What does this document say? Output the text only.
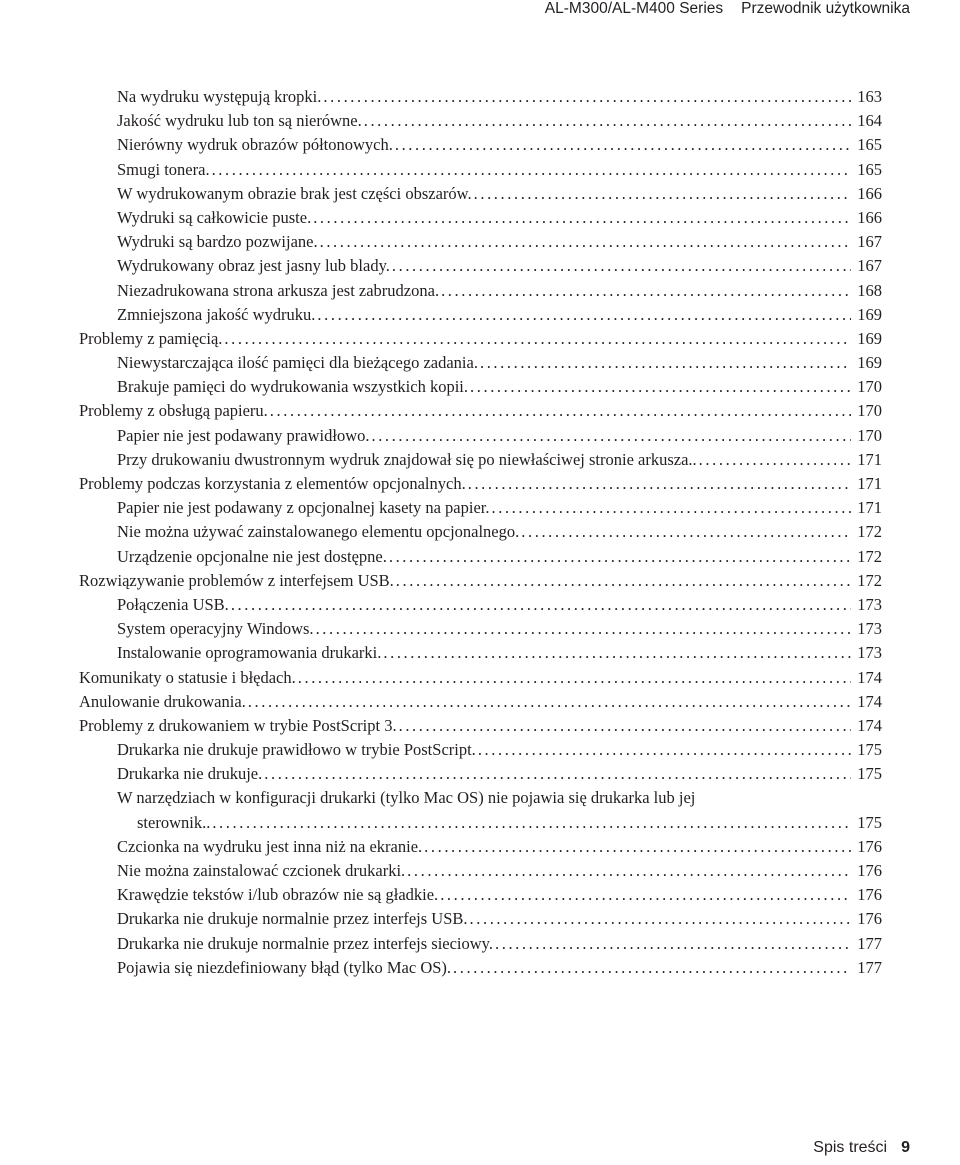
AL-M300/AL-M400 Series Przewodnik użytkownika
Na wydruku występują kropki. .....	163
Jakość wydruku lub ton są nierówne. .....	164
Nierówny wydruk obrazów półtonowych. .....	165
Smugi tonera. .....	165
W wydrukowanym obrazie brak jest części obszarów. .....	166
Wydruki są całkowicie puste. .....	166
Wydruki są bardzo pozwijane. .....	167
Wydrukowany obraz jest jasny lub blady. .....	167
Niezadrukowana strona arkusza jest zabrudzona. .....	168
Zmniejszona jakość wydruku. .....	169
Problemy z pamięcią. .....	169
Niewystarczająca ilość pamięci dla bieżącego zadania. .....	169
Brakuje pamięci do wydrukowania wszystkich kopii. .....	170
Problemy z obsługą papieru. .....	170
Papier nie jest podawany prawidłowo. .....	170
Przy drukowaniu dwustronnym wydruk znajdował się po niewłaściwej stronie arkusza.. .....	171
Problemy podczas korzystania z elementów opcjonalnych. .....	171
Papier nie jest podawany z opcjonalnej kasety na papier. .....	171
Nie można używać zainstalowanego elementu opcjonalnego. .....	172
Urządzenie opcjonalne nie jest dostępne. .....	172
Rozwiązywanie problemów z interfejsem USB. .....	172
Połączenia USB. .....	173
System operacyjny Windows. .....	173
Instalowanie oprogramowania drukarki. .....	173
Komunikaty o statusie i błędach. .....	174
Anulowanie drukowania. .....	174
Problemy z drukowaniem w trybie PostScript 3. .....	174
Drukarka nie drukuje prawidłowo w trybie PostScript. .....	175
Drukarka nie drukuje. .....	175
W narzędziach w konfiguracji drukarki (tylko Mac OS) nie pojawia się drukarka lub jej
sterownik.. .....	175
Czcionka na wydruku jest inna niż na ekranie. .....	176
Nie można zainstalować czcionek drukarki. .....	176
Krawędzie tekstów i/lub obrazów nie są gładkie. .....	176
Drukarka nie drukuje normalnie przez interfejs USB. .....	176
Drukarka nie drukuje normalnie przez interfejs sieciowy. .....	177
Pojawia się niezdefiniowany błąd (tylko Mac OS). .....	177
Spis treści 9
